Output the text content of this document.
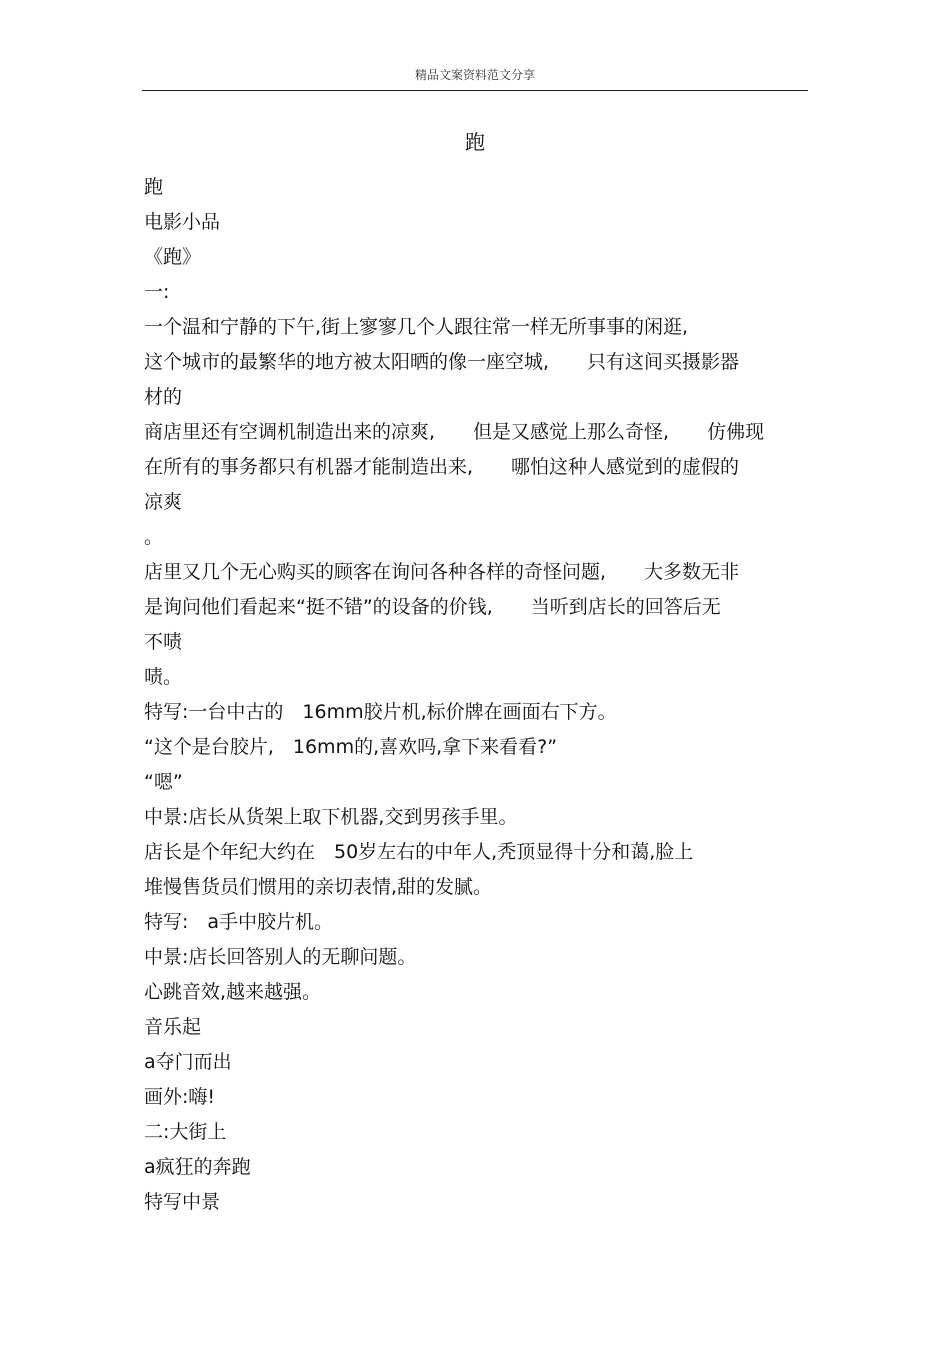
精品文案资料范文分享
跑

跑

电影小品

《跑》

一:

一个温和宁静的下午,街上寥寥几个人跟往常一样无所事事的闲逛,

这个城市的最繁华的地方被太阳晒的像一座空城,　　只有这间买摄影器

材的

商店里还有空调机制造出来的凉爽,　　但是又感觉上那么奇怪,　　仿佛现

在所有的事务都只有机器才能制造出来,　　哪怕这种人感觉到的虚假的

凉爽

。

店里又几个无心购买的顾客在询问各种各样的奇怪问题,　　大多数无非

是询问他们看起来“挺不错”的设备的价钱,　　当听到店长的回答后无

不啧

啧。

特写:一台中古的　16mm胶片机,标价牌在画面右下方。

“这个是台胶片,　16mm的,喜欢吗,拿下来看看?”

“嗯”

中景:店长从货架上取下机器,交到男孩手里。

店长是个年纪大约在　50岁左右的中年人,秃顶显得十分和蔼,脸上

堆慢售货员们惯用的亲切表情,甜的发腻。

特写:　a手中胶片机。

中景:店长回答别人的无聊问题。

心跳音效,越来越强。

音乐起

a夺门而出

画外:嗨!

二:大街上

a疯狂的奔跑

特写中景
